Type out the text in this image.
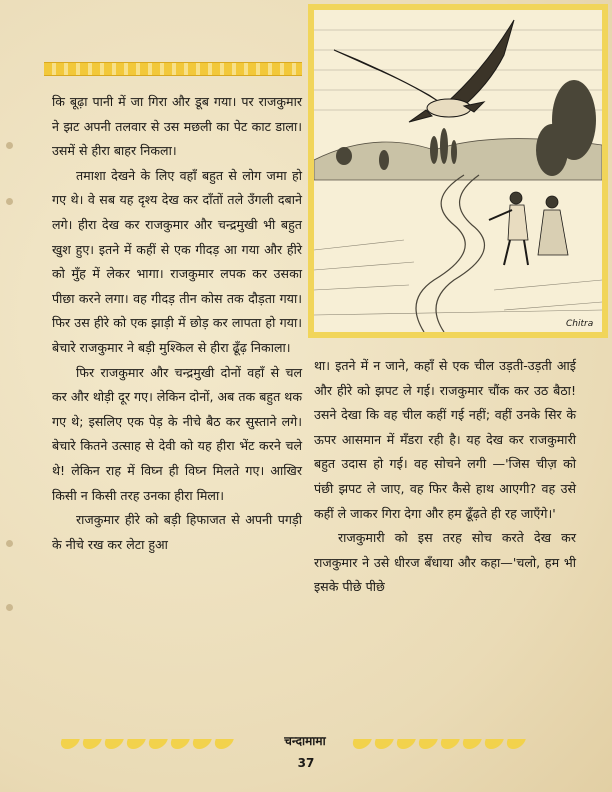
Chitra

कि बूढ़ा पानी में जा गिरा और डूब गया। पर राजकुमार ने झट अपनी तलवार से उस मछली का पेट काट डाला। उसमें से हीरा बाहर निकला।

तमाशा देखने के लिए वहाँ बहुत से लोग जमा हो गए थे। वे सब यह दृश्य देख कर दाँतों तले उँगली दबाने लगे। हीरा देख कर राजकुमार और चन्द्रमुखी भी बहुत खुश हुए। इतने में कहीं से एक गीदड़ आ गया और हीरे को मुँह में लेकर भागा। राजकुमार लपक कर उसका पीछा करने लगा। वह गीदड़ तीन कोस तक दौड़ता गया। फिर उस हीरे को एक झाड़ी में छोड़ कर लापता हो गया। बेचारे राजकुमार ने बड़ी मुश्किल से हीरा ढूँढ़ निकाला।

फिर राजकुमार और चन्द्रमुखी दोनों वहाँ से चल कर और थोड़ी दूर गए। लेकिन दोनों, अब तक बहुत थक गए थे; इसलिए एक पेड़ के नीचे बैठ कर सुस्ताने लगे। बेचारे कितने उत्साह से देवी को यह हीरा भेंट करने चले थे! लेकिन राह में विघ्न ही विघ्न मिलते गए। आखिर किसी न किसी तरह उनका हीरा मिला।

राजकुमार हीरे को बड़ी हिफाजत से अपनी पगड़ी के नीचे रख कर लेटा हुआ

था। इतने में न जाने, कहाँ से एक चील उड़ती-उड़ती आई और हीरे को झपट ले गई। राजकुमार चौंक कर उठ बैठा! उसने देखा कि वह चील कहीं गई नहीं; वहीं उनके सिर के ऊपर आसमान में मँडरा रही है। यह देख कर राजकुमारी बहुत उदास हो गई। वह सोचने लगी —'जिस चीज़ को पंछी झपट ले जाए, वह फिर कैसे हाथ आएगी? वह उसे कहीं ले जाकर गिरा देगा और हम ढूँढ़ते ही रह जाएँगे।'

राजकुमारी को इस तरह सोच करते देख कर राजकुमार ने उसे धीरज बँधाया और कहा—'चलो, हम भी इसके पीछे पीछे

चन्दामामा
37
